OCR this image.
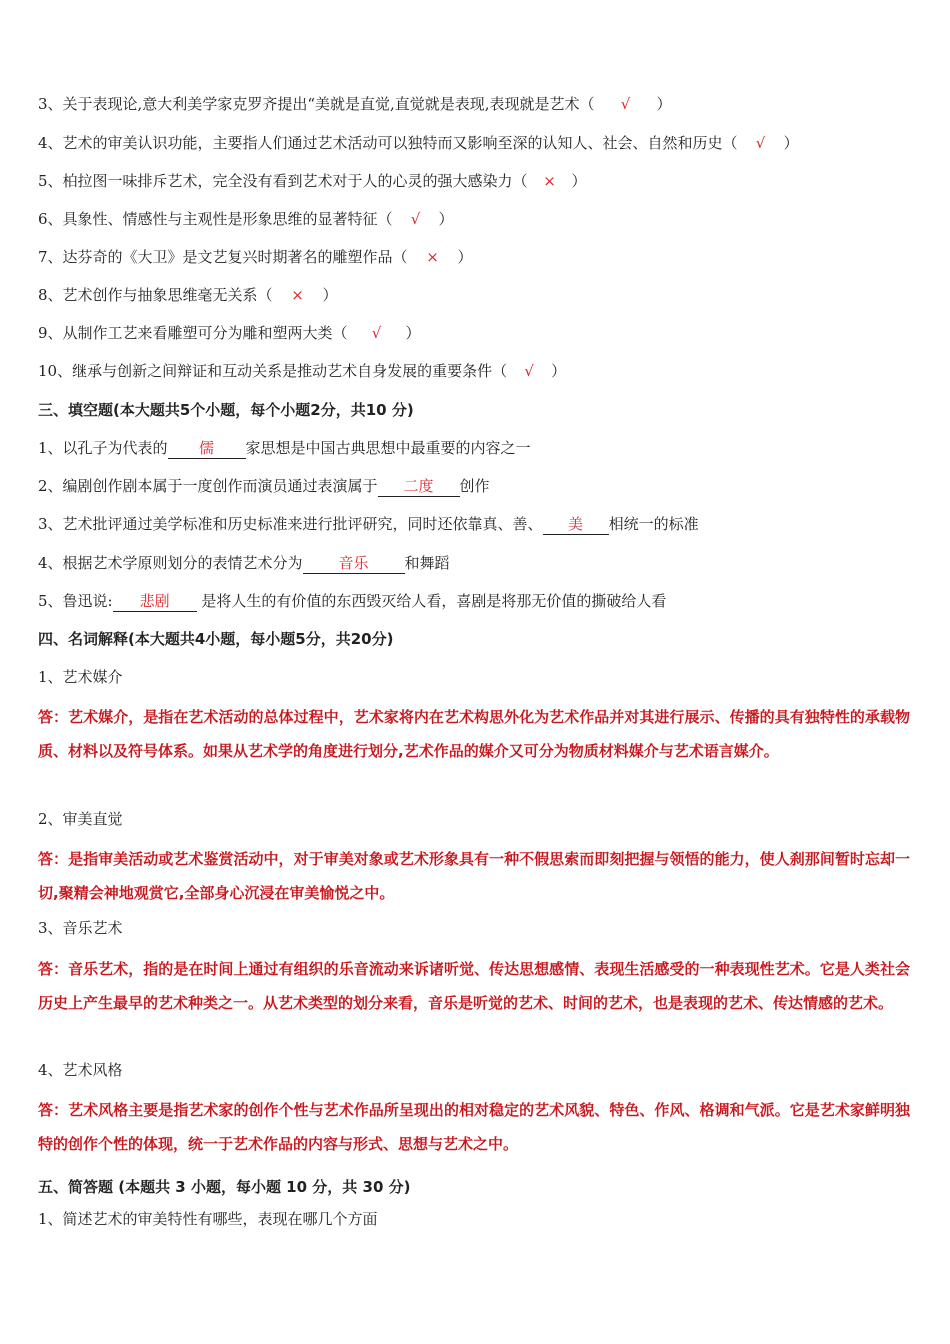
3、关于表现论,意大利美学家克罗齐提出“美就是直觉,直觉就是表现,表现就是艺术（ √ ）
4、艺术的审美认识功能，主要指人们通过艺术活动可以独特而又影响至深的认知人、社会、自然和历史（ √ ）
5、柏拉图一味排斥艺术，完全没有看到艺术对于人的心灵的强大感染力（ × ）
6、具象性、情感性与主观性是形象思维的显著特征（ √ ）
7、达芬奇的《大卫》是文艺复兴时期著名的雕塑作品（ × ）
8、艺术创作与抽象思维毫无关系（ × ）
9、从制作工艺来看雕塑可分为雕和塑两大类（ √ ）
10、继承与创新之间辩证和互动关系是推动艺术自身发展的重要条件（ √ ）
三、填空题(本大题共5个小题，每个小题2分，共10 分)
1、以孔子为代表的 儒 家思想是中国古典思想中最重要的内容之一
2、编剧创作剧本属于一度创作而演员通过表演属于 二度 创作
3、艺术批评通过美学标准和历史标准来进行批评研究，同时还依靠真、善、 美 相统一的标准
4、根据艺术学原则划分的表情艺术分为 音乐 和舞蹈
5、鲁迅说: 悲剧 是将人生的有价值的东西毁灭给人看，喜剧是将那无价值的撕破给人看
四、名词解释(本大题共4小题，每小题5分，共20分)
1、艺术媒介
答：艺术媒介，是指在艺术活动的总体过程中，艺术家将内在艺术构思外化为艺术作品并对其进行展示、传播的具有独特性的承载物质、材料以及符号体系。如果从艺术学的角度进行划分,艺术作品的媒介又可分为物质材料媒介与艺术语言媒介。
2、审美直觉
答：是指审美活动或艺术鉴赏活动中，对于审美对象或艺术形象具有一种不假思索而即刻把握与领悟的能力，使人刹那间暂时忘却一切,聚精会神地观赏它,全部身心沉浸在审美愉悦之中。
3、音乐艺术
答：音乐艺术，指的是在时间上通过有组织的乐音流动来诉诸听觉、传达思想感情、表现生活感受的一种表现性艺术。它是人类社会历史上产生最早的艺术种类之一。从艺术类型的划分来看，音乐是听觉的艺术、时间的艺术，也是表现的艺术、传达情感的艺术。
4、艺术风格
答：艺术风格主要是指艺术家的创作个性与艺术作品所呈现出的相对稳定的艺术风貌、特色、作风、格调和气派。它是艺术家鲜明独特的创作个性的体现，统一于艺术作品的内容与形式、思想与艺术之中。
五、简答题 (本题共 3 小题，每小题 10 分，共 30 分)
1、简述艺术的审美特性有哪些，表现在哪几个方面
